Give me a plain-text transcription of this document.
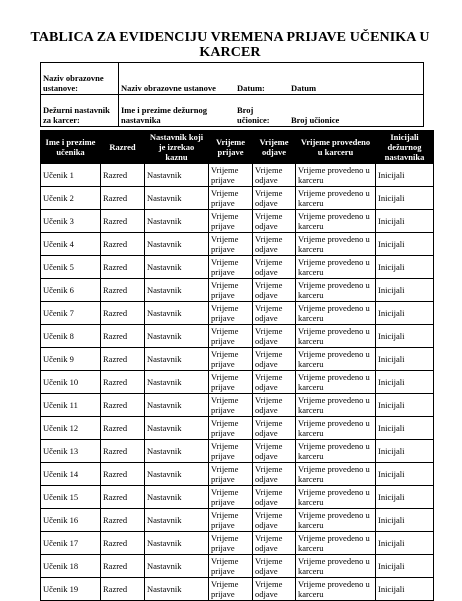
TABLICA ZA EVIDENCIJU VREMENA PRIJAVE UČENIKA U KARCER
Naziv obrazovne ustanove:	Naziv obrazovne ustanove	Datum:	Datum
Dežurni nastavnik za karcer:	Ime i prezime dežurnog nastavnika	Broj učionice:	Broj učionice
Ime i prezime učenika	Razred	Nastavnik koji je izrekao kaznu	Vrijeme prijave	Vrijeme odjave	Vrijeme provedeno u karceru	Inicijali dežurnog nastavnika
Učenik 1	Razred	Nastavnik	Vrijeme prijave	Vrijeme odjave	Vrijeme provedeno u karceru	Inicijali
Učenik 2	Razred	Nastavnik	Vrijeme prijave	Vrijeme odjave	Vrijeme provedeno u karceru	Inicijali
Učenik 3	Razred	Nastavnik	Vrijeme prijave	Vrijeme odjave	Vrijeme provedeno u karceru	Inicijali
Učenik 4	Razred	Nastavnik	Vrijeme prijave	Vrijeme odjave	Vrijeme provedeno u karceru	Inicijali
Učenik 5	Razred	Nastavnik	Vrijeme prijave	Vrijeme odjave	Vrijeme provedeno u karceru	Inicijali
Učenik 6	Razred	Nastavnik	Vrijeme prijave	Vrijeme odjave	Vrijeme provedeno u karceru	Inicijali
Učenik 7	Razred	Nastavnik	Vrijeme prijave	Vrijeme odjave	Vrijeme provedeno u karceru	Inicijali
Učenik 8	Razred	Nastavnik	Vrijeme prijave	Vrijeme odjave	Vrijeme provedeno u karceru	Inicijali
Učenik 9	Razred	Nastavnik	Vrijeme prijave	Vrijeme odjave	Vrijeme provedeno u karceru	Inicijali
Učenik 10	Razred	Nastavnik	Vrijeme prijave	Vrijeme odjave	Vrijeme provedeno u karceru	Inicijali
Učenik 11	Razred	Nastavnik	Vrijeme prijave	Vrijeme odjave	Vrijeme provedeno u karceru	Inicijali
Učenik 12	Razred	Nastavnik	Vrijeme prijave	Vrijeme odjave	Vrijeme provedeno u karceru	Inicijali
Učenik 13	Razred	Nastavnik	Vrijeme prijave	Vrijeme odjave	Vrijeme provedeno u karceru	Inicijali
Učenik 14	Razred	Nastavnik	Vrijeme prijave	Vrijeme odjave	Vrijeme provedeno u karceru	Inicijali
Učenik 15	Razred	Nastavnik	Vrijeme prijave	Vrijeme odjave	Vrijeme provedeno u karceru	Inicijali
Učenik 16	Razred	Nastavnik	Vrijeme prijave	Vrijeme odjave	Vrijeme provedeno u karceru	Inicijali
Učenik 17	Razred	Nastavnik	Vrijeme prijave	Vrijeme odjave	Vrijeme provedeno u karceru	Inicijali
Učenik 18	Razred	Nastavnik	Vrijeme prijave	Vrijeme odjave	Vrijeme provedeno u karceru	Inicijali
Učenik 19	Razred	Nastavnik	Vrijeme prijave	Vrijeme odjave	Vrijeme provedeno u karceru	Inicijali
